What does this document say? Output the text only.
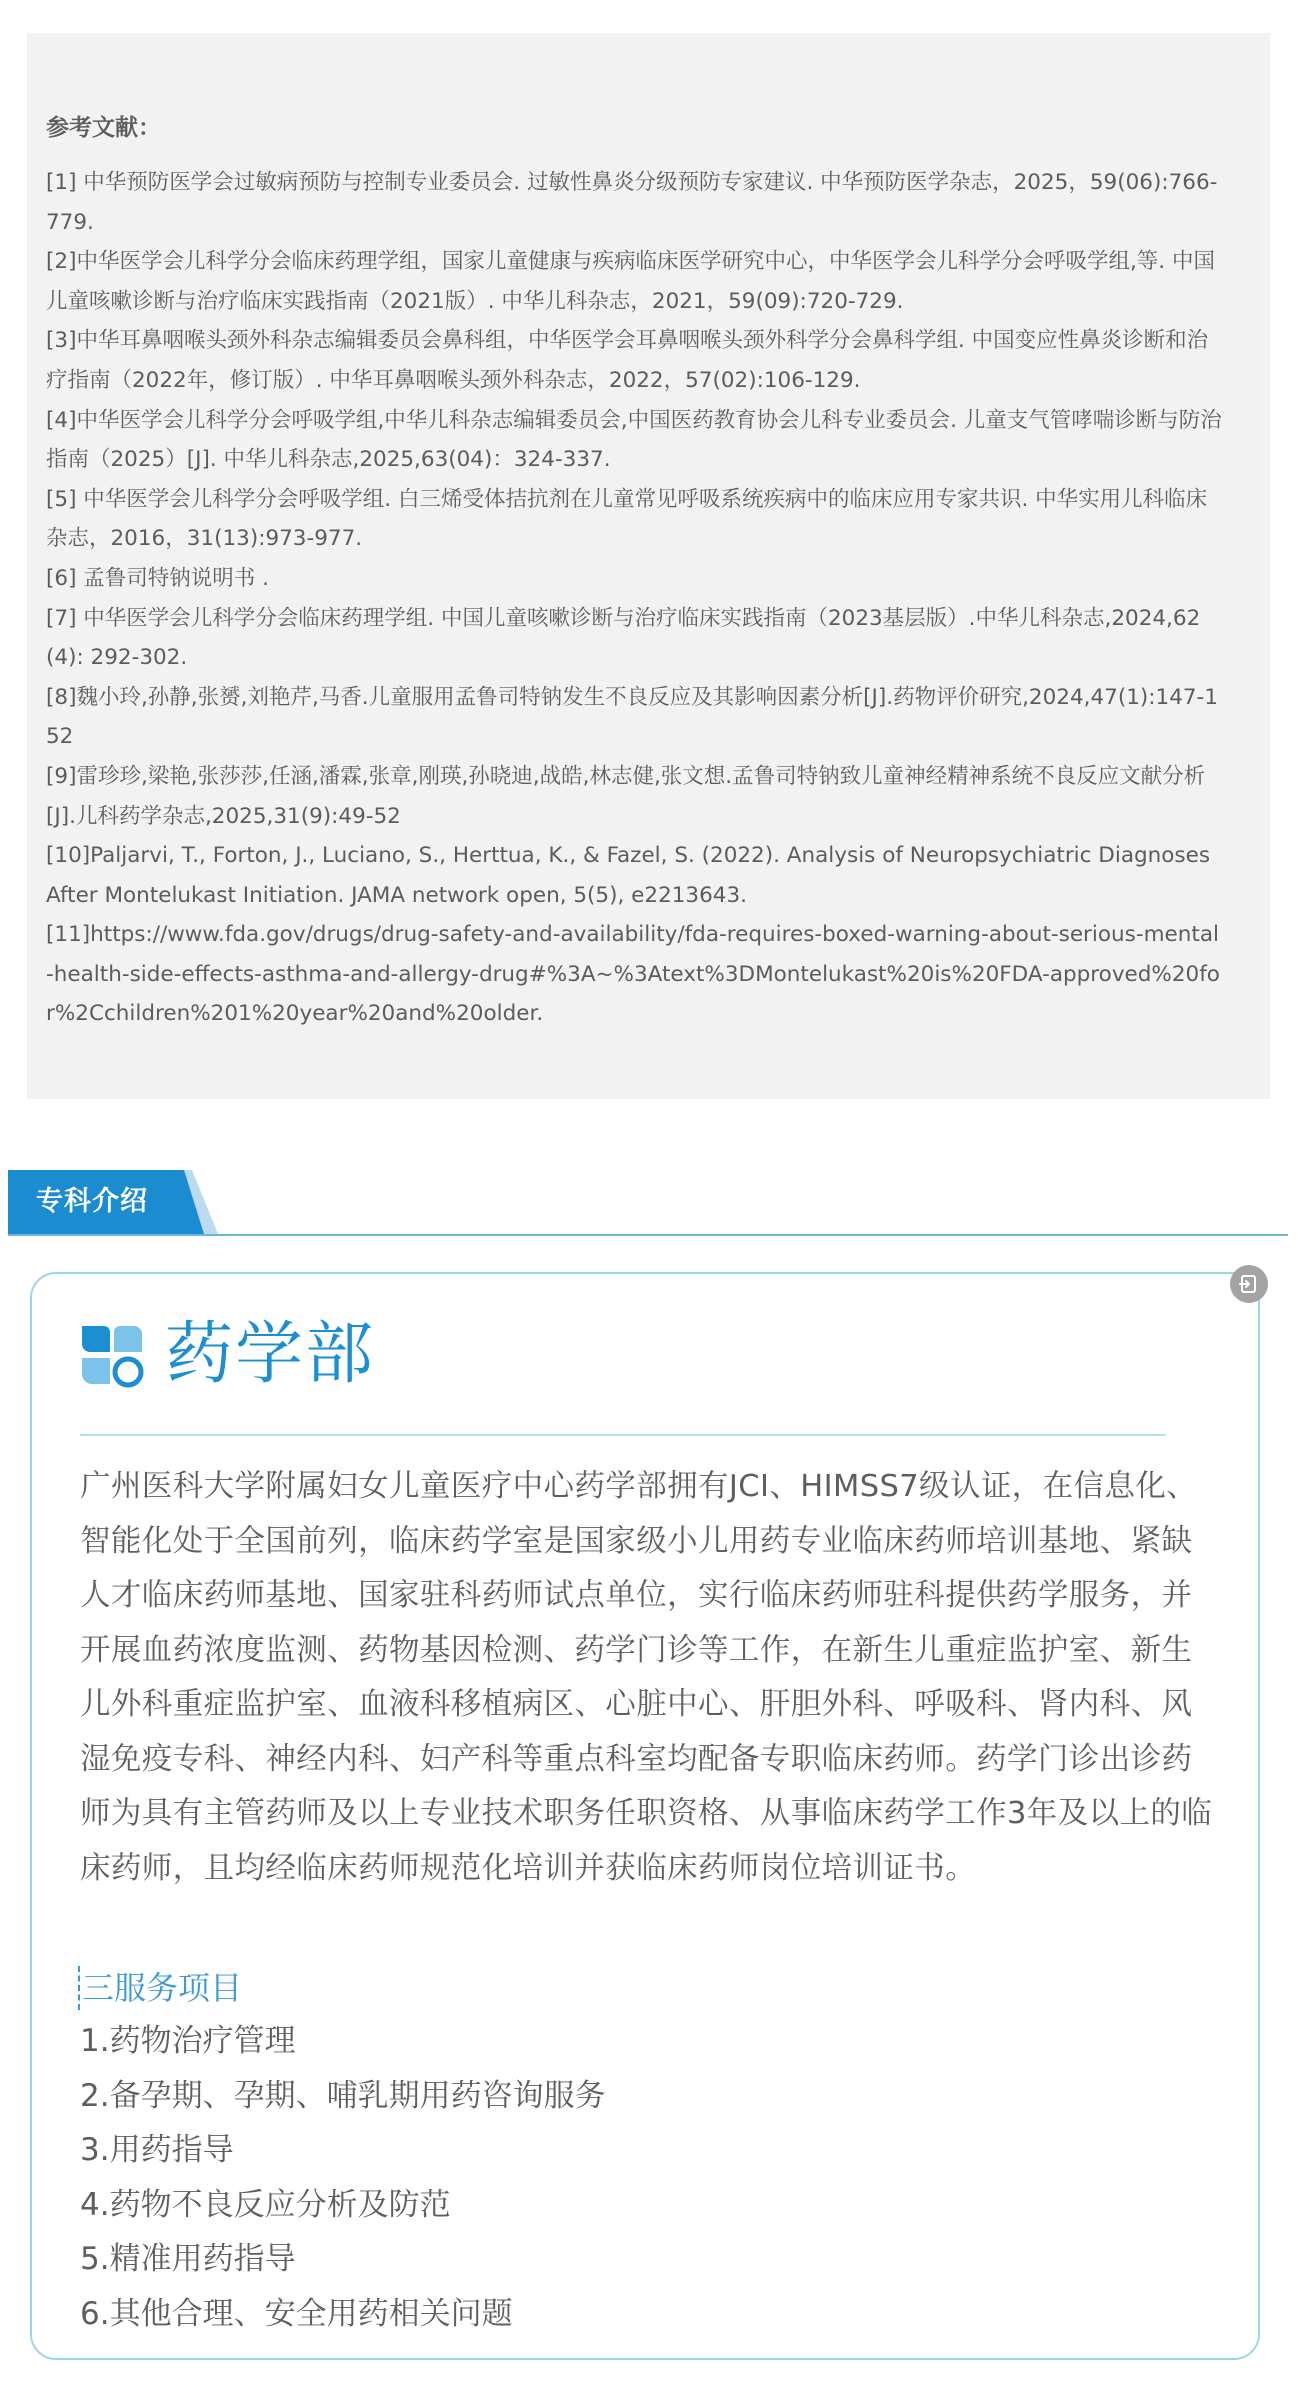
参考文献：
[1] 中华预防医学会过敏病预防与控制专业委员会. 过敏性鼻炎分级预防专家建议. 中华预防医学杂志，2025，59(06):766-779.
[2]中华医学会儿科学分会临床药理学组，国家儿童健康与疾病临床医学研究中心，中华医学会儿科学分会呼吸学组,等. 中国儿童咳嗽诊断与治疗临床实践指南（2021版）. 中华儿科杂志，2021，59(09):720-729.
[3]中华耳鼻咽喉头颈外科杂志编辑委员会鼻科组，中华医学会耳鼻咽喉头颈外科学分会鼻科学组. 中国变应性鼻炎诊断和治疗指南（2022年，修订版）. 中华耳鼻咽喉头颈外科杂志，2022，57(02):106-129.
[4]中华医学会儿科学分会呼吸学组,中华儿科杂志编辑委员会,中国医药教育协会儿科专业委员会. 儿童支气管哮喘诊断与防治指南（2025）[J]. 中华儿科杂志,2025,63(04)：324-337.
[5] 中华医学会儿科学分会呼吸学组. 白三烯受体拮抗剂在儿童常见呼吸系统疾病中的临床应用专家共识. 中华实用儿科临床杂志，2016，31(13):973-977.
[6] 孟鲁司特钠说明书 .
[7] 中华医学会儿科学分会临床药理学组. 中国儿童咳嗽诊断与治疗临床实践指南（2023基层版）.中华儿科杂志,2024,62(4): 292-302.
[8]魏小玲,孙静,张赟,刘艳芹,马香.儿童服用孟鲁司特钠发生不良反应及其影响因素分析[J].药物评价研究,2024,47(1):147-152
[9]雷珍珍,梁艳,张莎莎,任涵,潘霖,张章,刚瑛,孙晓迪,战皓,林志健,张文想.孟鲁司特钠致儿童神经精神系统不良反应文献分析[J].儿科药学杂志,2025,31(9):49-52
[10]Paljarvi, T., Forton, J., Luciano, S., Herttua, K., & Fazel, S. (2022). Analysis of Neuropsychiatric Diagnoses After Montelukast Initiation. JAMA network open, 5(5), e2213643.
[11]https://www.fda.gov/drugs/drug-safety-and-availability/fda-requires-boxed-warning-about-serious-mental-health-side-effects-asthma-and-allergy-drug#%3A~%3Atext%3DMontelukast%20is%20FDA-approved%20for%2Cchildren%201%20year%20and%20older.
专科介绍
药学部

广州医科大学附属妇女儿童医疗中心药学部拥有JCI、HIMSS7级认证，在信息化、智能化处于全国前列，临床药学室是国家级小儿用药专业临床药师培训基地、紧缺人才临床药师基地、国家驻科药师试点单位，实行临床药师驻科提供药学服务，并开展血药浓度监测、药物基因检测、药学门诊等工作，在新生儿重症监护室、新生儿外科重症监护室、血液科移植病区、心脏中心、肝胆外科、呼吸科、肾内科、风湿免疫专科、神经内科、妇产科等重点科室均配备专职临床药师。药学门诊出诊药师为具有主管药师及以上专业技术职务任职资格、从事临床药学工作3年及以上的临床药师，且均经临床药师规范化培训并获临床药师岗位培训证书。

三服务项目
1.药物治疗管理
2.备孕期、孕期、哺乳期用药咨询服务
3.用药指导
4.药物不良反应分析及防范
5.精准用药指导
6.其他合理、安全用药相关问题
